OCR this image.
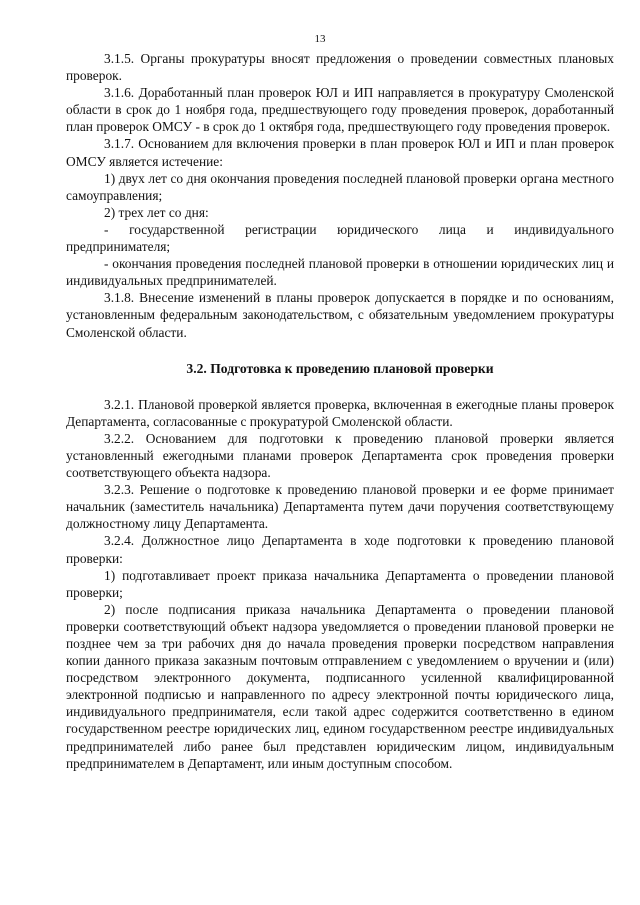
13

3.1.5. Органы прокуратуры вносят предложения о проведении совместных плановых проверок.

3.1.6. Доработанный план проверок ЮЛ и ИП направляется в прокуратуру Смоленской области в срок до 1 ноября года, предшествующего году проведения проверок, доработанный план проверок ОМСУ - в срок до 1 октября года, предшествующего году проведения проверок.

3.1.7. Основанием для включения проверки в план проверок ЮЛ и ИП и план проверок ОМСУ является истечение:

1) двух лет со дня окончания проведения последней плановой проверки органа местного самоуправления;

2) трех лет со дня:

- государственной регистрации юридического лица и индивидуального предпринимателя;

- окончания проведения последней плановой проверки в отношении юридических лиц и индивидуальных предпринимателей.

3.1.8. Внесение изменений в планы проверок допускается в порядке и по основаниям, установленным федеральным законодательством, с обязательным уведомлением прокуратуры Смоленской области.

3.2. Подготовка к проведению плановой проверки

3.2.1. Плановой проверкой является проверка, включенная в ежегодные планы проверок Департамента, согласованные с прокуратурой Смоленской области.

3.2.2. Основанием для подготовки к проведению плановой проверки является установленный ежегодными планами проверок Департамента срок проведения проверки соответствующего объекта надзора.

3.2.3. Решение о подготовке к проведению плановой проверки и ее форме принимает начальник (заместитель начальника) Департамента путем дачи поручения соответствующему должностному лицу Департамента.

3.2.4. Должностное лицо Департамента в ходе подготовки к проведению плановой проверки:

1) подготавливает проект приказа начальника Департамента о проведении плановой проверки;

2) после подписания приказа начальника Департамента о проведении плановой проверки соответствующий объект надзора уведомляется о проведении плановой проверки не позднее чем за три рабочих дня до начала проведения проверки посредством направления копии данного приказа заказным почтовым отправлением с уведомлением о вручении и (или) посредством электронного документа, подписанного усиленной квалифицированной электронной подписью и направленного по адресу электронной почты юридического лица, индивидуального предпринимателя, если такой адрес содержится соответственно в едином государственном реестре юридических лиц, едином государственном реестре индивидуальных предпринимателей либо ранее был представлен юридическим лицом, индивидуальным предпринимателем в Департамент, или иным доступным способом.
